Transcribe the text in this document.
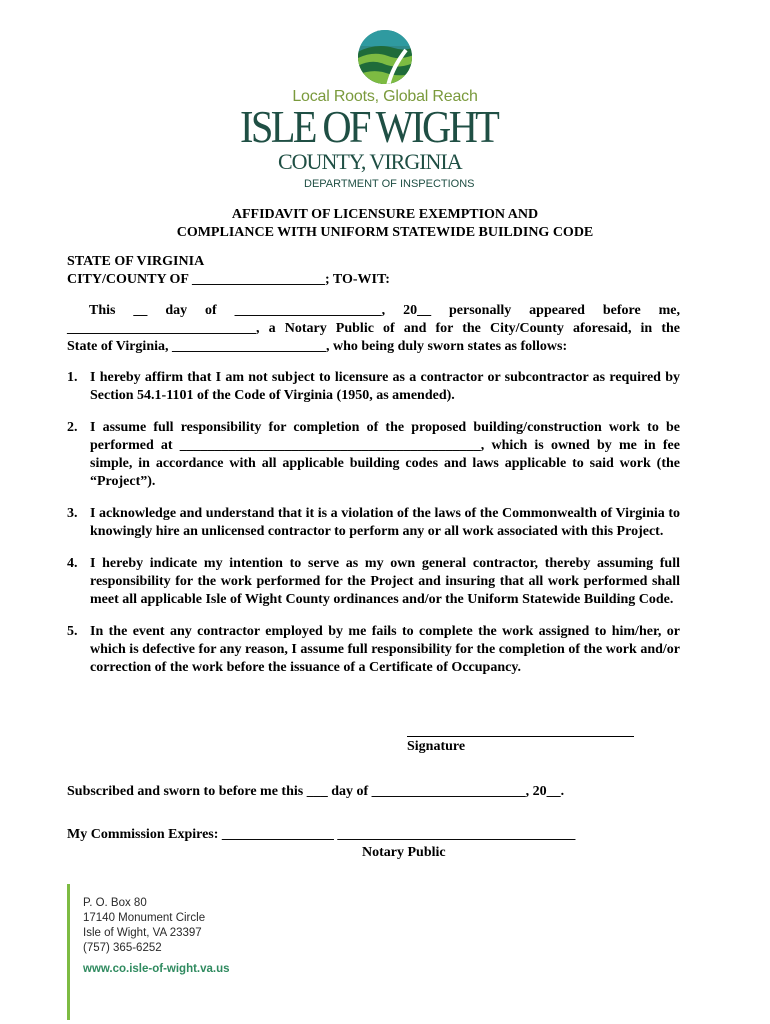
Local Roots, Global Reach
ISLE OF WIGHT
COUNTY, VIRGINIA
DEPARTMENT OF INSPECTIONS
AFFIDAVIT OF LICENSURE EXEMPTION AND
COMPLIANCE WITH UNIFORM STATEWIDE BUILDING CODE
STATE OF VIRGINIA
CITY/COUNTY OF ___________________; TO-WIT:
This __ day of _____________________, 20__ personally appeared before me,
___________________________, a Notary Public of and for the City/County aforesaid, in the
State of Virginia, ______________________, who being duly sworn states as follows:
1. I hereby affirm that I am not subject to licensure as a contractor or subcontractor as required by Section 54.1-1101 of the Code of Virginia (1950, as amended).
2. I assume full responsibility for completion of the proposed building/construction work to be performed at ___________________________________________, which is owned by me in fee simple, in accordance with all applicable building codes and laws applicable to said work (the “Project”).
3. I acknowledge and understand that it is a violation of the laws of the Commonwealth of Virginia to knowingly hire an unlicensed contractor to perform any or all work associated with this Project.
4. I hereby indicate my intention to serve as my own general contractor, thereby assuming full responsibility for the work performed for the Project and insuring that all work performed shall meet all applicable Isle of Wight County ordinances and/or the Uniform Statewide Building Code.
5. In the event any contractor employed by me fails to complete the work assigned to him/her, or which is defective for any reason, I assume full responsibility for the completion of the work and/or correction of the work before the issuance of a Certificate of Occupancy.
Signature
Subscribed and sworn to before me this ___ day of ______________________, 20__.
My Commission Expires: ________________ __________________________________
Notary Public
P. O. Box 80
17140 Monument Circle
Isle of Wight, VA 23397
(757) 365-6252
www.co.isle-of-wight.va.us
